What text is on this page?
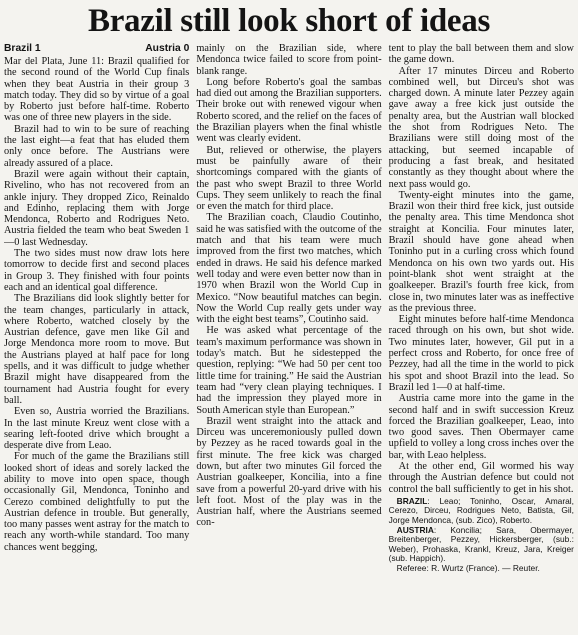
Brazil still look short of ideas
Brazil 1	Austria 0

Mar del Plata, June 11: Brazil qualified for the second round of the World Cup finals when they beat Austria in their group 3 match today. They did so by virtue of a goal by Roberto just before half-time. Roberto was one of three new players in the side.

Brazil had to win to be sure of reaching the last eight—a feat that has eluded them only once before. The Austrians were already assured of a place.

Brazil were again without their captain, Rivelino, who has not recovered from an ankle injury. They dropped Zico, Reinaldo and Edinho, replacing them with Jorge Mendonca, Roberto and Rodrigues Neto. Austria fielded the team who beat Sweden 1—0 last Wednesday.

The two sides must now draw lots here tomorrow to decide first and second places in Group 3. They finished with four points each and an identical goal difference.

The Brazilians did look slightly better for the team changes, particularly in attack, where Roberto, watched closely by the Austrian defence, gave men like Gil and Jorge Mendonca more room to move. But the Austrians played at half pace for long spells, and it was difficult to judge whether Brazil might have disappeared from the tournament had Austria fought for every ball.

Even so, Austria worried the Brazilians. In the last minute Kreuz went close with a searing left-footed drive which brought a desperate dive from Leao.

For much of the game the Brazilians still looked short of ideas and sorely lacked the ability to move into open space, though occasionally Gil, Mendonca, Toninho and Cerezo combined delightfully to put the Austrian defence in trouble. But generally, too many passes went astray for the match to reach any worth-while standard. Too many chances went begging,

mainly on the Brazilian side, where Mendonca twice failed to score from point-blank range.

Long before Roberto's goal the sambas had died out among the Brazilian supporters. Their broke out with renewed vigour when Roberto scored, and the relief on the faces of the Brazilian players when the final whistle went was clearly evident.

But, relieved or otherwise, the players must be painfully aware of their shortcomings compared with the giants of the past who swept Brazil to three World Cups. They seem unlikely to reach the final or even the match for third place.

The Brazilian coach, Claudio Coutinho, said he was satisfied with the outcome of the match and that his team were much improved from the first two matches, which ended in draws. He said his defence marked well today and were even better now than in 1970 when Brazil won the World Cup in Mexico. “Now beautiful matches can begin. Now the World Cup really gets under way with the eight best teams”, Coutinho said.

He was asked what percentage of the team's maximum performance was shown in today's match. But he sidestepped the question, replying: “We had 50 per cent too little time for training.” He said the Austrian team had “very clean playing techniques. I had the impression they played more in South American style than European.”

Brazil went straight into the attack and Dirceu was unceremoniously pulled down by Pezzey as he raced towards goal in the first minute. The free kick was charged down, but after two minutes Gil forced the Austrian goalkeeper, Koncilia, into a fine save from a powerful 20-yard drive with his left foot. Most of the play was in the Austrian half, where the Austrians seemed con-

tent to play the ball between them and slow the game down.

After 17 minutes Dirceu and Roberto combined well, but Dirceu's shot was charged down. A minute later Pezzey again gave away a free kick just outside the penalty area, but the Austrian wall blocked the shot from Rodrigues Neto. The Brazilians were still doing most of the attacking, but seemed incapable of producing a fast break, and hesitated constantly as they thought about where the next pass would go.

Twenty-eight minutes into the game, Brazil won their third free kick, just outside the penalty area. This time Mendonca shot straight at Koncilia. Four minutes later, Brazil should have gone ahead when Toninho put in a curling cross which found Mendonca on his own two yards out. His point-blank shot went straight at the goalkeeper. Brazil's fourth free kick, from close in, two minutes later was as ineffective as the previous three.

Eight minutes before half-time Mendonca raced through on his own, but shot wide. Two minutes later, however, Gil put in a perfect cross and Roberto, for once free of Pezzey, had all the time in the world to pick his spot and shoot Brazil into the lead. So Brazil led 1—0 at half-time.

Austria came more into the game in the second half and in swift succession Kreuz forced the Brazilian goalkeeper, Leao, into two good saves. Then Obermayer came upfield to volley a long cross inches over the bar, with Leao helpless.

At the other end, Gil wormed his way through the Austrian defence but could not control the ball sufficiently to get in his shot.

BRAZIL: Leao; Toninho, Oscar, Amaral, Cerezo, Dirceu, Rodrigues Neto, Batista, Gil, Jorge Mendonca, (sub. Zico), Roberto.

AUSTRIA: Koncilia; Sara, Obermayer, Breitenberger, Pezzey, Hickersberger, (sub.: Weber), Prohaska, Krankl, Kreuz, Jara, Kreiger (sub. Happich).

Referee: R. Wurtz (France). — Reuter.
